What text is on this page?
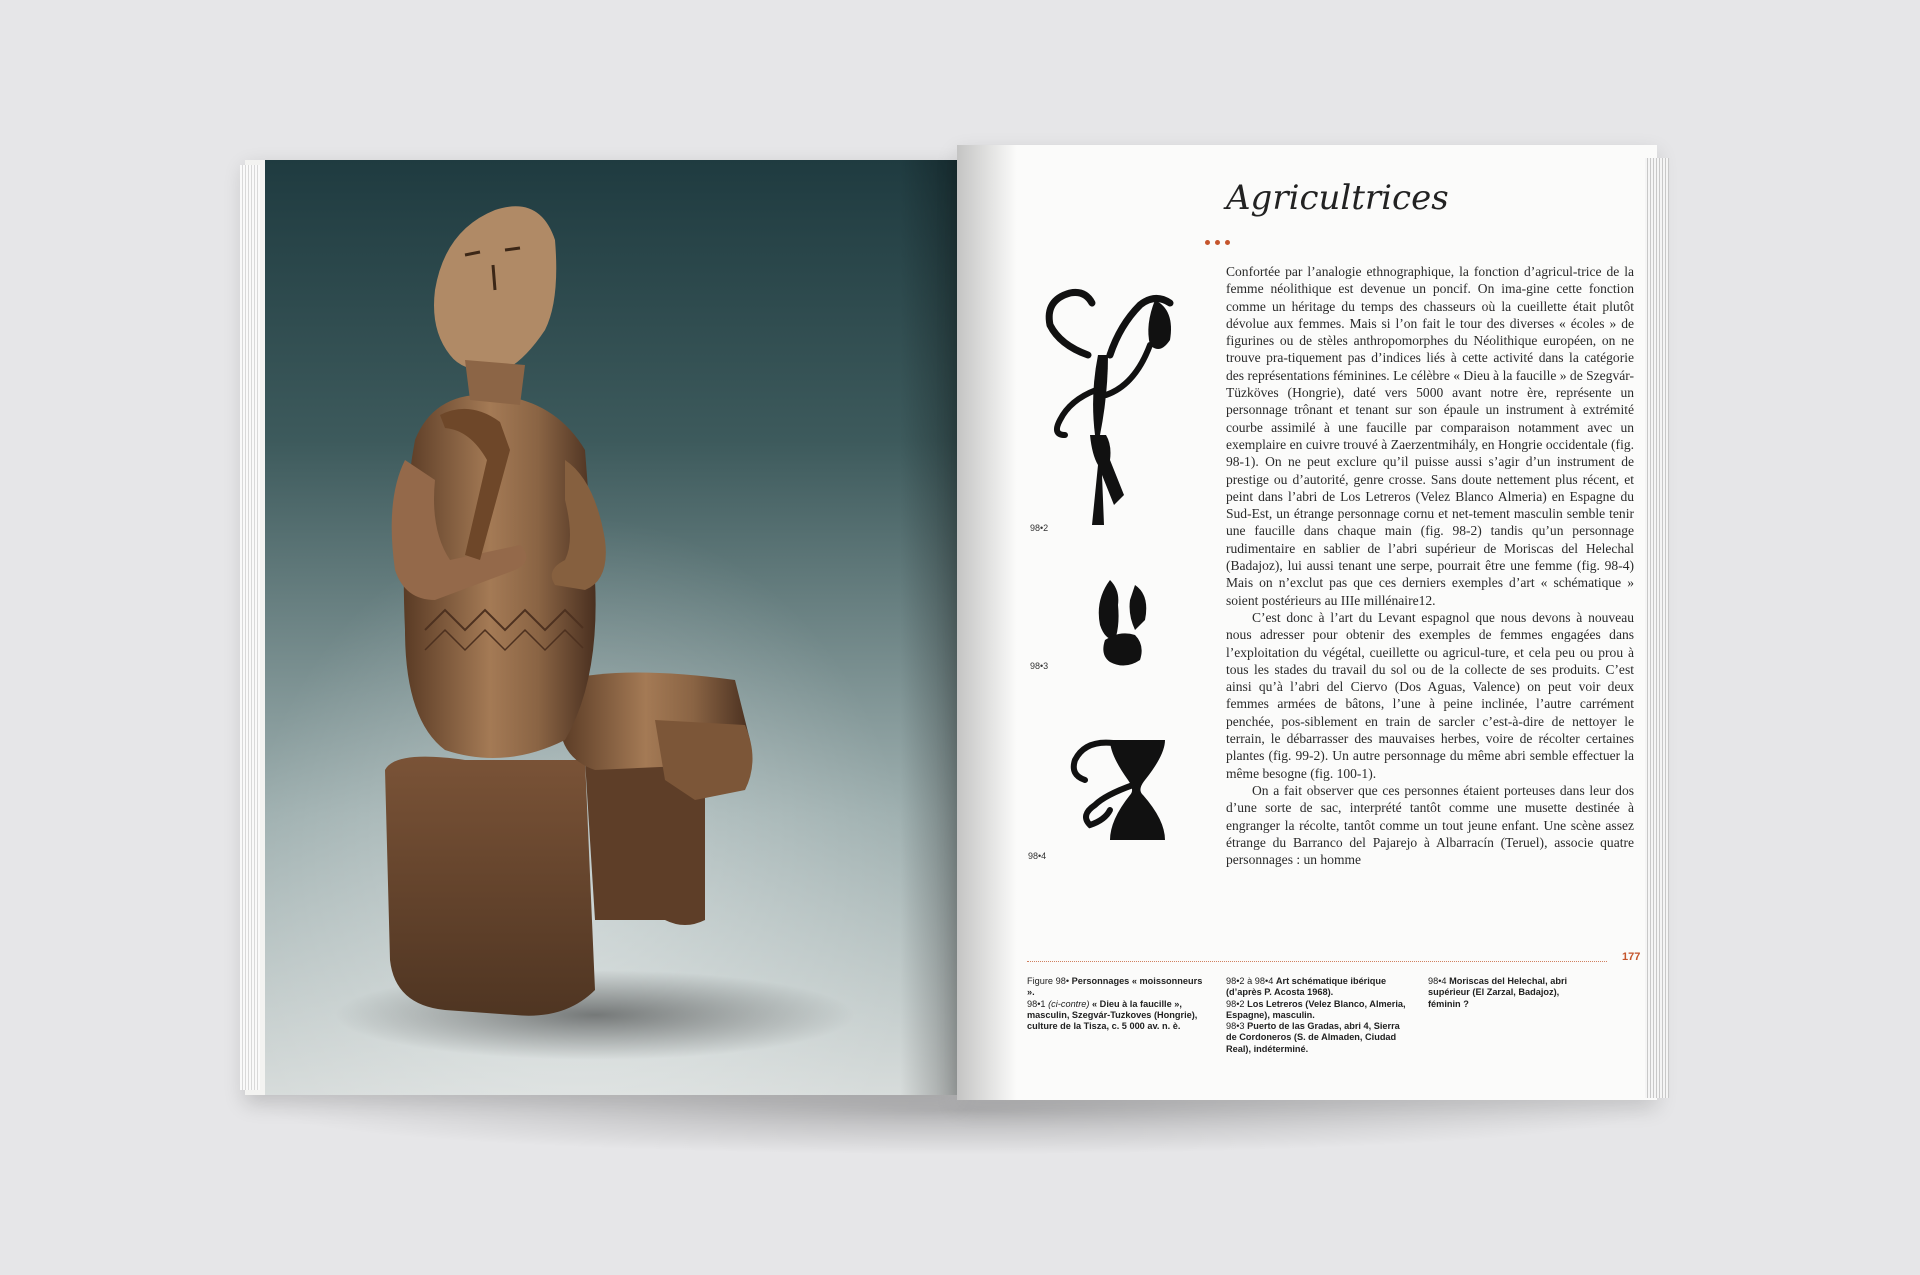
Agricultrices

Confortée par l’analogie ethnographique, la fonction d’agricul-trice de la femme néolithique est devenue un poncif. On ima-gine cette fonction comme un héritage du temps des chasseurs où la cueillette était plutôt dévolue aux femmes. Mais si l’on fait le tour des diverses « écoles » de figurines ou de stèles anthropomorphes du Néolithique européen, on ne trouve pra-tiquement pas d’indices liés à cette activité dans la catégorie des représentations féminines. Le célèbre « Dieu à la faucille » de Szegvár-Tüzköves (Hongrie), daté vers 5000 avant notre ère, représente un personnage trônant et tenant sur son épaule un instrument à extrémité courbe assimilé à une faucille par comparaison notamment avec un exemplaire en cuivre trouvé à Zaerzentmihály, en Hongrie occidentale (fig. 98-1). On ne peut exclure qu’il puisse aussi s’agir d’un instrument de prestige ou d’autorité, genre crosse. Sans doute nettement plus récent, et peint dans l’abri de Los Letreros (Velez Blanco Almeria) en Espagne du Sud-Est, un étrange personnage cornu et net-tement masculin semble tenir une faucille dans chaque main (fig. 98-2) tandis qu’un personnage rudimentaire en sablier de l’abri supérieur de Moriscas del Helechal (Badajoz), lui aussi tenant une serpe, pourrait être une femme (fig. 98-4) Mais on n’exclut pas que ces derniers exemples d’art « schématique » soient postérieurs au IIIe millénaire12.

C’est donc à l’art du Levant espagnol que nous devons à nouveau nous adresser pour obtenir des exemples de femmes engagées dans l’exploitation du végétal, cueillette ou agricul-ture, et cela peu ou prou à tous les stades du travail du sol ou de la collecte de ses produits. C’est ainsi qu’à l’abri del Ciervo (Dos Aguas, Valence) on peut voir deux femmes armées de bâtons, l’une à peine inclinée, l’autre carrément penchée, pos-siblement en train de sarcler c’est-à-dire de nettoyer le terrain, le débarrasser des mauvaises herbes, voire de récolter certaines plantes (fig. 99-2). Un autre personnage du même abri semble effectuer la même besogne (fig. 100-1).

On a fait observer que ces personnes étaient porteuses dans leur dos d’une sorte de sac, interprété tantôt comme une musette destinée à engranger la récolte, tantôt comme un tout jeune enfant. Une scène assez étrange du Barranco del Pajarejo à Albarracín (Teruel), associe quatre personnages : un homme

98•2
98•3
98•4
177
Figure 98• Personnages « moissonneurs ».
98•1 (ci-contre) « Dieu à la faucille », masculin, Szegvár-Tuzkoves (Hongrie), culture de la Tisza, c. 5 000 av. n. è.
98•2 à 98•4 Art schématique ibérique (d’après P. Acosta 1968).
98•2 Los Letreros (Velez Blanco, Almeria, Espagne), masculin.
98•3 Puerto de las Gradas, abri 4, Sierra de Cordoneros (S. de Almaden, Ciudad Real), indéterminé.
98•4 Moriscas del Helechal, abri supérieur (El Zarzal, Badajoz), féminin ?
